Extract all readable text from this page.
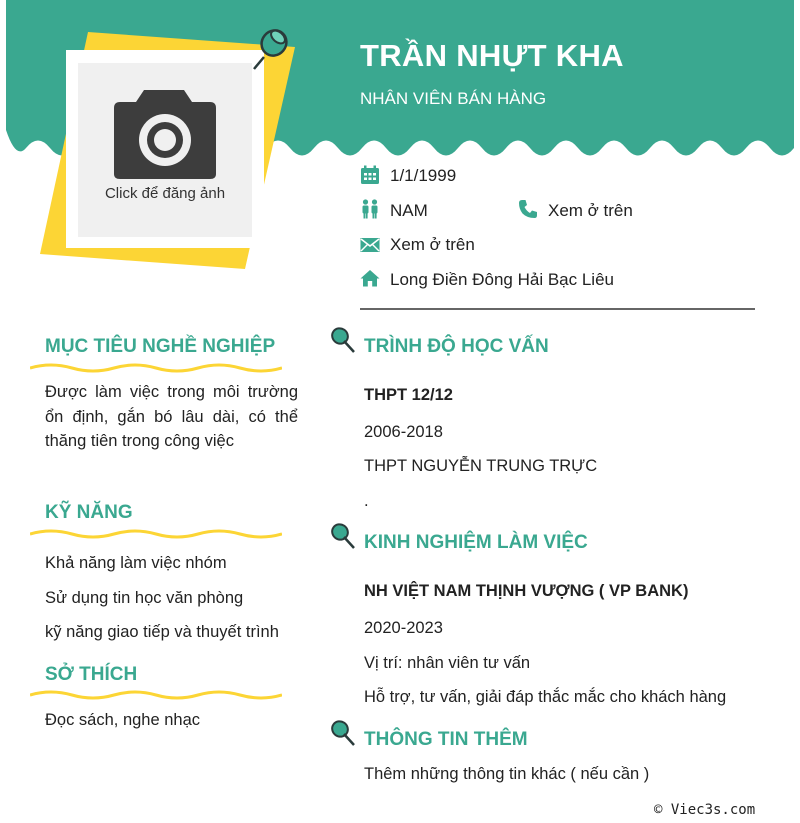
TRẦN NHỰT KHA
NHÂN VIÊN BÁN HÀNG
Click để đăng ảnh
1/1/1999
NAM	Xem ở trên
Xem ở trên
Long Điền Đông Hải Bạc Liêu
MỤC TIÊU NGHỀ NGHIỆP
Được làm việc trong môi trường ổn định, gắn bó lâu dài, có thể thăng tiên trong công việc
KỸ NĂNG
Khả năng làm việc nhóm
Sử dụng tin học văn phòng
kỹ năng giao tiếp và thuyết trình
SỞ THÍCH
Đọc sách, nghe nhạc
TRÌNH ĐỘ HỌC VẤN
THPT 12/12
2006-2018
THPT NGUYỄN TRUNG TRỰC
.
KINH NGHIỆM LÀM VIỆC
NH VIỆT NAM THỊNH VƯỢNG ( VP BANK)
2020-2023
Vị trí: nhân viên tư vấn
Hỗ trợ, tư vấn, giải đáp thắc mắc cho khách hàng
THÔNG TIN THÊM
Thêm những thông tin khác ( nếu cần )
© Viec3s.com
